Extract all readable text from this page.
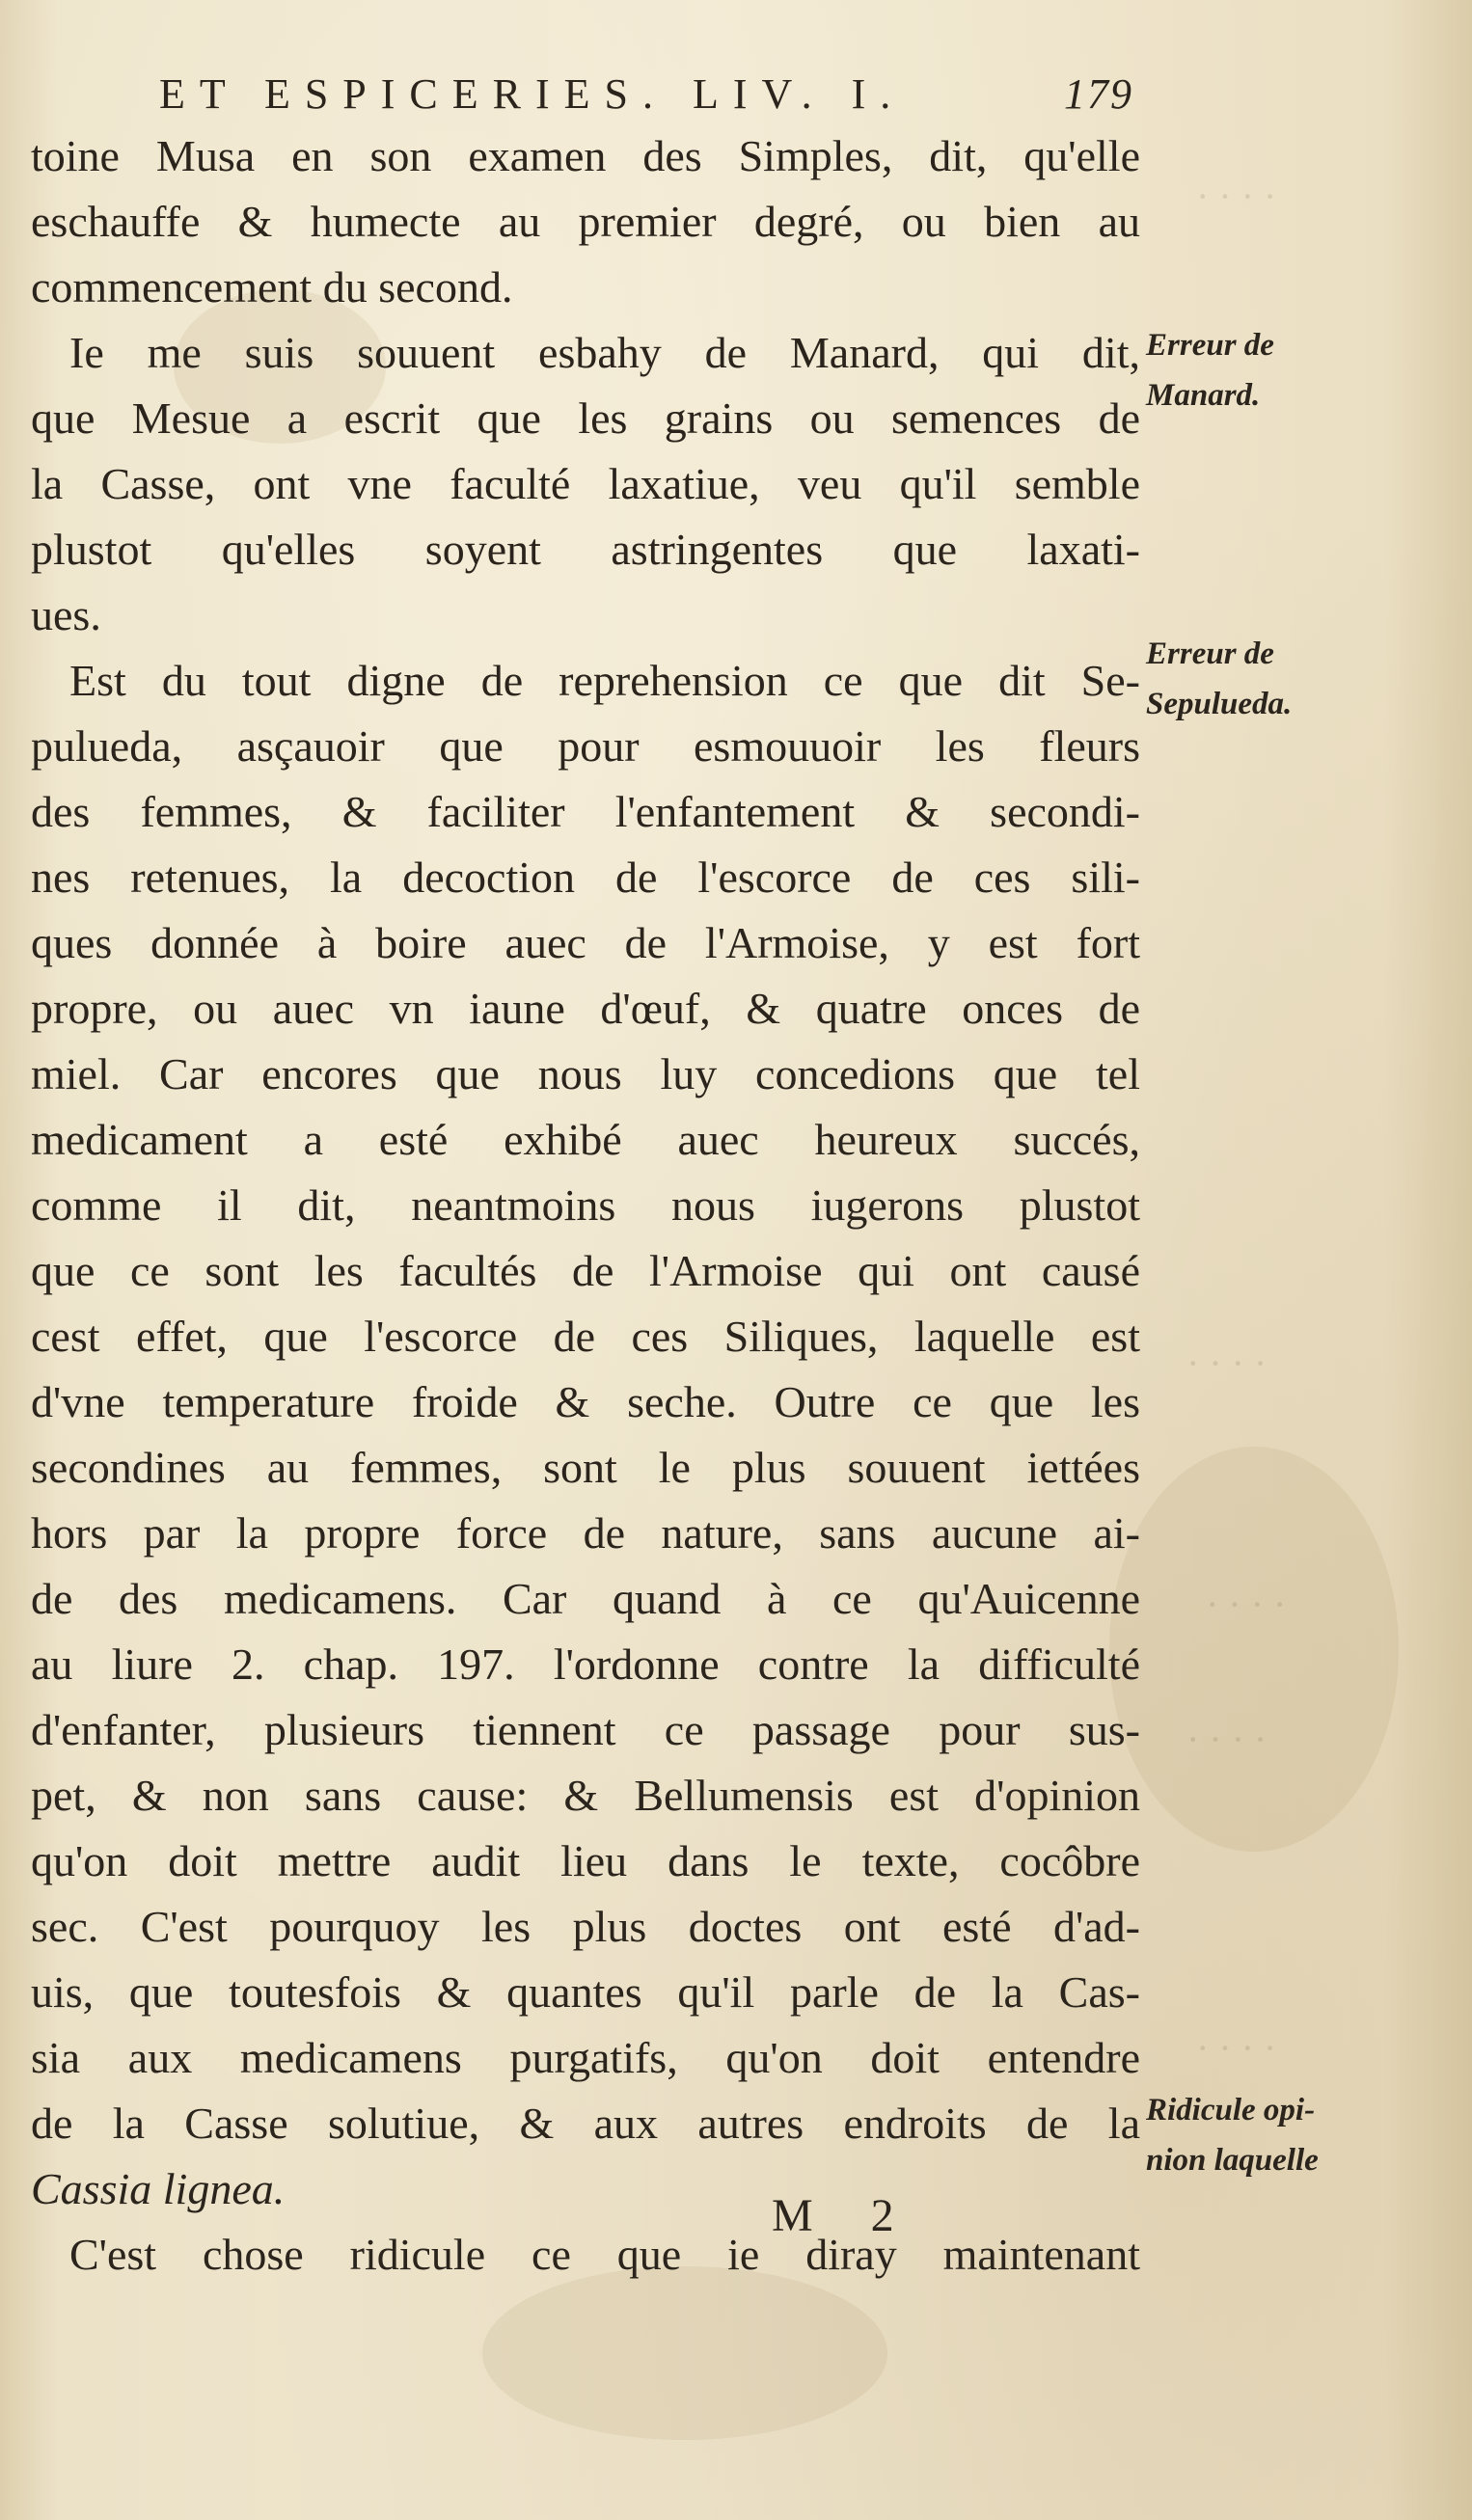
· · · ·
· · · ·
· · · ·
· · · ·
· · · ·
ET ESPICERIES. LIV. I.	179
toine Musa en son examen des Simples, dit, qu'elle
eschauffe & humecte au premier degré, ou bien au
commencement du second.
Ie me suis souuent esbahy de Manard, qui dit,
que Mesue a escrit que les grains ou semences de
la Casse, ont vne faculté laxatiue, veu qu'il semble
plustot qu'elles soyent astringentes que laxati-
ues.
Est du tout digne de reprehension ce que dit Se-
pulueda, asçauoir que pour esmouuoir les fleurs
des femmes, & faciliter l'enfantement & secondi-
nes retenues, la decoction de l'escorce de ces sili-
ques donnée à boire auec de l'Armoise, y est fort
propre, ou auec vn iaune d'œuf, & quatre onces de
miel. Car encores que nous luy concedions que tel
medicament a esté exhibé auec heureux succés,
comme il dit, neantmoins nous iugerons plustot
que ce sont les facultés de l'Armoise qui ont causé
cest effet, que l'escorce de ces Siliques, laquelle est
d'vne temperature froide & seche. Outre ce que les
secondines au femmes, sont le plus souuent iettées
hors par la propre force de nature, sans aucune ai-
de des medicamens. Car quand à ce qu'Auicenne
au liure 2. chap. 197. l'ordonne contre la difficulté
d'enfanter, plusieurs tiennent ce passage pour sus-
pet, & non sans cause: & Bellumensis est d'opinion
qu'on doit mettre audit lieu dans le texte, cocôbre
sec. C'est pourquoy les plus doctes ont esté d'ad-
uis, que toutesfois & quantes qu'il parle de la Cas-
sia aux medicamens purgatifs, qu'on doit entendre
de la Casse solutiue, & aux autres endroits de la
Cassia lignea.
C'est chose ridicule ce que ie diray maintenant
Erreur de
Manard.
Erreur de
Sepulueda.
Ridicule opi-
nion laquelle
M 2
